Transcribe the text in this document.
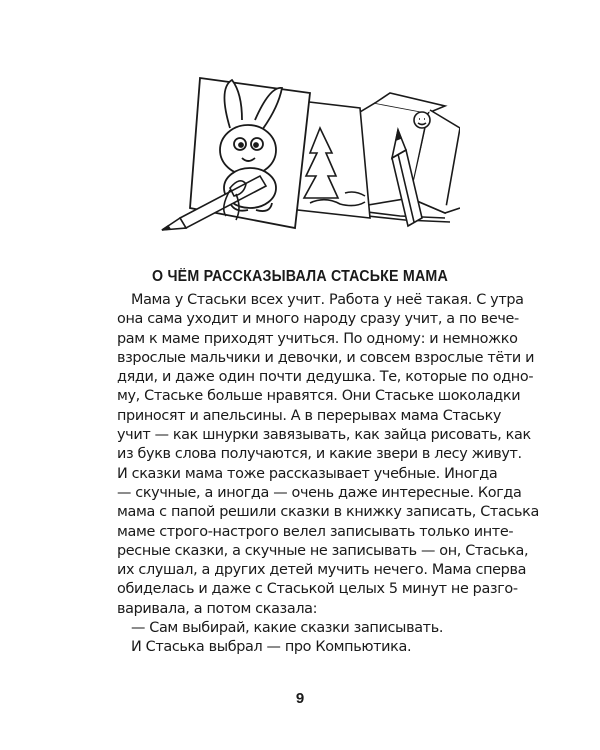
О ЧЁМ РАССКАЗЫВАЛА СТАСЬКЕ МАМА
Мама у Стаськи всех учит. Работа у неё такая. С утра
она сама уходит и много народу сразу учит, а по вече-
рам к маме приходят учиться. По одному: и немножко
взрослые мальчики и девочки, и совсем взрослые тёти и
дяди, и даже один почти дедушка. Те, которые по одно-
му, Стаське больше нравятся. Они Стаське шоколадки
приносят и апельсины. А в перерывах мама Стаську
учит — как шнурки завязывать, как зайца рисовать, как
из букв слова получаются, и какие звери в лесу живут.
И сказки мама тоже рассказывает учебные. Иногда
— скучные, а иногда — очень даже интересные. Когда
мама с папой решили сказки в книжку записать, Стаська
маме строго-настрого велел записывать только инте-
ресные сказки, а скучные не записывать — он, Стаська,
их слушал, а других детей мучить нечего. Мама сперва
обиделась и даже с Стаськой целых 5 минут не разго-
варивала, а потом сказала:
— Сам выбирай, какие сказки записывать.
И Стаська выбрал — про Компьютика.
9
